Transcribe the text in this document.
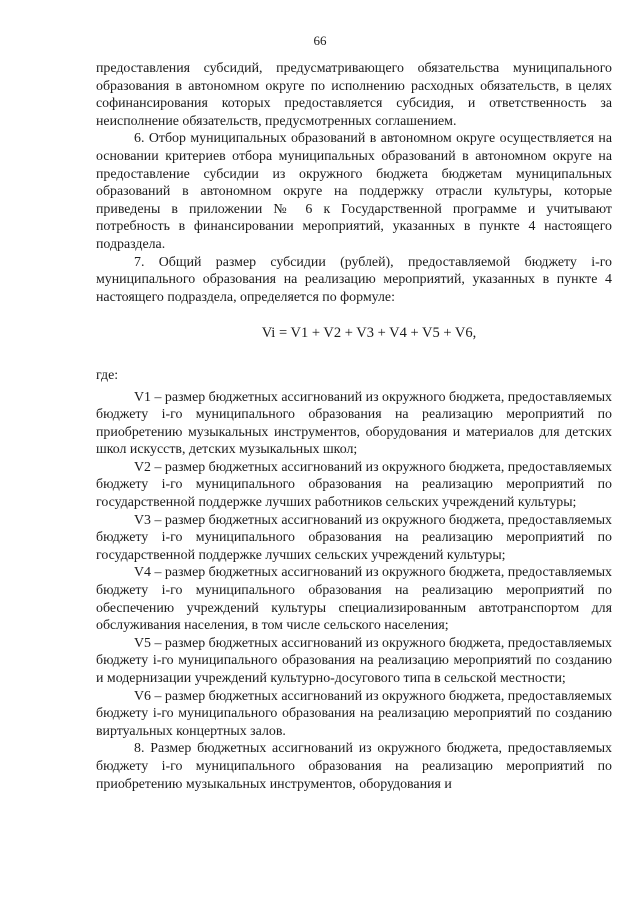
66

предоставления субсидий, предусматривающего обязательства муниципального образования в автономном округе по исполнению расходных обязательств, в целях софинансирования которых предоставляется субсидия, и ответственность за неисполнение обязательств, предусмотренных соглашением.

6. Отбор муниципальных образований в автономном округе осуществляется на основании критериев отбора муниципальных образований в автономном округе на предоставление субсидии из окружного бюджета бюджетам муниципальных образований в автономном округе на поддержку отрасли культуры, которые приведены в приложении № 6 к Государственной программе и учитывают потребность в финансировании мероприятий, указанных в пункте 4 настоящего подраздела.

7. Общий размер субсидии (рублей), предоставляемой бюджету i-го муниципального образования на реализацию мероприятий, указанных в пункте 4 настоящего подраздела, определяется по формуле:

Vi = V1 + V2 + V3 + V4 + V5 + V6,

где:

V1 – размер бюджетных ассигнований из окружного бюджета, предоставляемых бюджету i-го муниципального образования на реализацию мероприятий по приобретению музыкальных инструментов, оборудования и материалов для детских школ искусств, детских музыкальных школ;

V2 – размер бюджетных ассигнований из окружного бюджета, предоставляемых бюджету i-го муниципального образования на реализацию мероприятий по государственной поддержке лучших работников сельских учреждений культуры;

V3 – размер бюджетных ассигнований из окружного бюджета, предоставляемых бюджету i-го муниципального образования на реализацию мероприятий по государственной поддержке лучших сельских учреждений культуры;

V4 – размер бюджетных ассигнований из окружного бюджета, предоставляемых бюджету i-го муниципального образования на реализацию мероприятий по обеспечению учреждений культуры специализированным автотранспортом для обслуживания населения, в том числе сельского населения;

V5 – размер бюджетных ассигнований из окружного бюджета, предоставляемых бюджету i-го муниципального образования на реализацию мероприятий по созданию и модернизации учреждений культурно-досугового типа в сельской местности;

V6 – размер бюджетных ассигнований из окружного бюджета, предоставляемых бюджету i-го муниципального образования на реализацию мероприятий по созданию виртуальных концертных залов.

8. Размер бюджетных ассигнований из окружного бюджета, предоставляемых бюджету i-го муниципального образования на реализацию мероприятий по приобретению музыкальных инструментов, оборудования и
